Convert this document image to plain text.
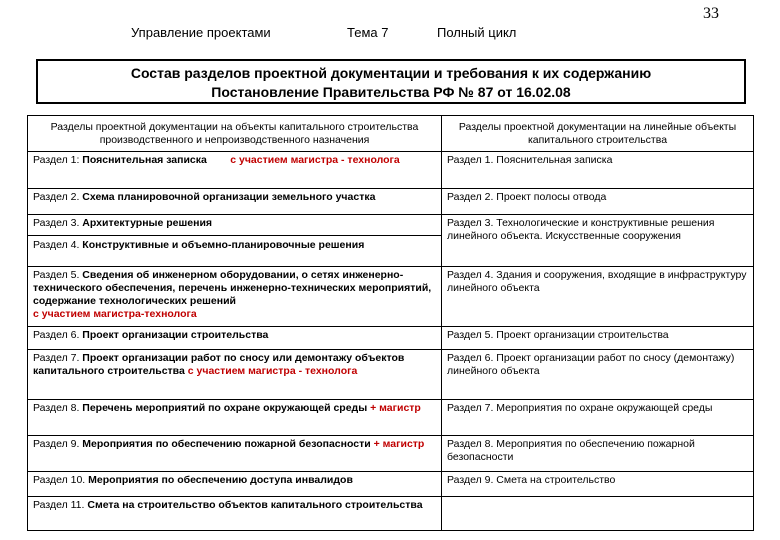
Управление проектами	Тема 7	Полный цикл
33
Состав разделов проектной документации и требования к их содержанию
Постановление Правительства РФ № 87 от 16.02.08
Разделы проектной документации на объекты капитального строительства производственного и непроизводственного назначения	Разделы проектной документации на линейные объекты капитального строительства
Раздел 1: Пояснительная записка с участием магистра - технолога	Раздел 1. Пояснительная записка
Раздел 2. Схема планировочной организации земельного участка	Раздел 2. Проект полосы отвода

Раздел 3. Архитектурные решения
Раздел 4. Конструктивные и объемно-планировочные решения	Раздел 3. Технологические и конструктивные решения линейного объекта. Искусственные сооружения
Раздел 5. Сведения об инженерном оборудовании, о сетях инженерно-технического обеспечения, перечень инженерно-технических мероприятий, содержание технологических решений
с участием магистра-технолога	Раздел 4. Здания и сооружения, входящие в инфраструктуру линейного объекта
Раздел 6. Проект организации строительства	Раздел 5. Проект организации строительства
Раздел 7. Проект организации работ по сносу или демонтажу объектов капитального строительства с участием магистра - технолога	Раздел 6. Проект организации работ по сносу (демонтажу) линейного объекта
Раздел 8. Перечень мероприятий по охране окружающей среды + магистр	Раздел 7. Мероприятия по охране окружающей среды
Раздел 9. Мероприятия по обеспечению пожарной безопасности + магистр	Раздел 8. Мероприятия по обеспечению пожарной безопасности
Раздел 10. Мероприятия по обеспечению доступа инвалидов	Раздел 9. Смета на строительство
Раздел 11. Смета на строительство объектов капитального строительства	
